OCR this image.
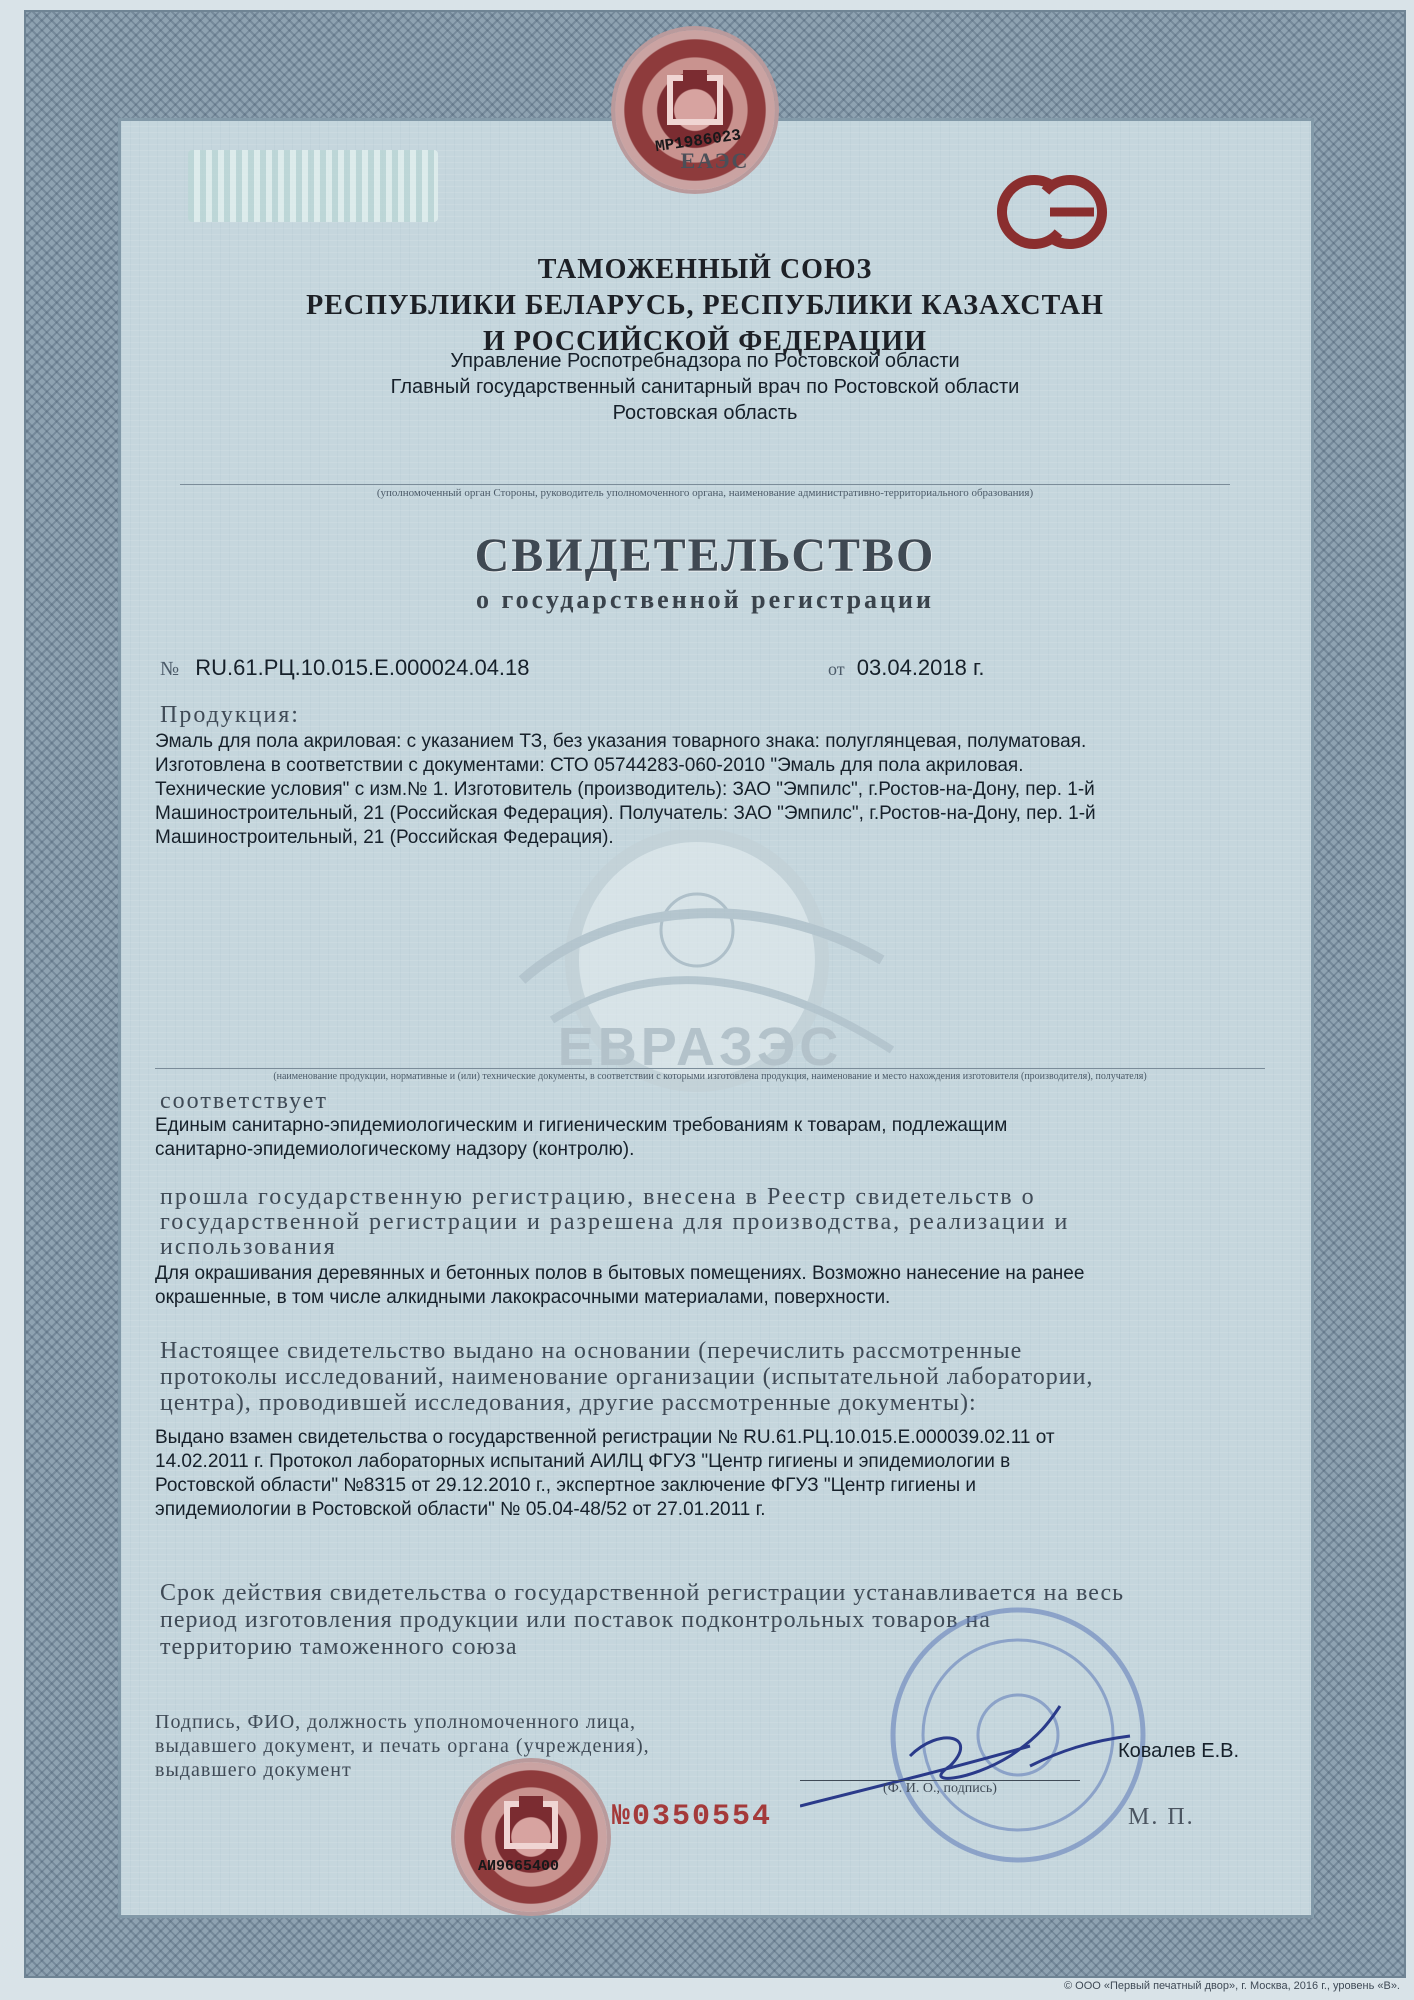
МР1986023
ЕАЭС
ТАМОЖЕННЫЙ СОЮЗ
РЕСПУБЛИКИ БЕЛАРУСЬ, РЕСПУБЛИКИ КАЗАХСТАН
И РОССИЙСКОЙ ФЕДЕРАЦИИ
Управление Роспотребнадзора по Ростовской области
Главный государственный санитарный врач по Ростовской области
Ростовская область
(уполномоченный орган Стороны, руководитель уполномоченного органа, наименование административно-территориального образования)
СВИДЕТЕЛЬСТВО
о государственной регистрации
№ RU.61.РЦ.10.015.Е.000024.04.18	от 03.04.2018 г.
Продукция:
Эмаль для пола акриловая: с указанием ТЗ, без указания товарного знака: полуглянцевая, полуматовая.
Изготовлена в соответствии с документами: СТО 05744283-060-2010 "Эмаль для пола акриловая.
Технические условия" с изм.№ 1. Изготовитель (производитель): ЗАО "Эмпилс", г.Ростов-на-Дону, пер. 1-й
Машиностроительный, 21 (Российская Федерация). Получатель: ЗАО "Эмпилс", г.Ростов-на-Дону, пер. 1-й
Машиностроительный, 21 (Российская Федерация).
ЕВРАЗЭС
(наименование продукции, нормативные и (или) технические документы, в соответствии с которыми изготовлена продукция, наименование и место нахождения изготовителя (производителя), получателя)
соответствует
Единым санитарно-эпидемиологическим и гигиеническим требованиям к товарам, подлежащим
санитарно-эпидемиологическому надзору (контролю).
прошла государственную регистрацию, внесена в Реестр свидетельств о
государственной регистрации и разрешена для производства, реализации и
использования
Для окрашивания деревянных и бетонных полов в бытовых помещениях. Возможно нанесение на ранее
окрашенные, в том числе алкидными лакокрасочными материалами, поверхности.
Настоящее свидетельство выдано на основании (перечислить рассмотренные
протоколы исследований, наименование организации (испытательной лаборатории,
центра), проводившей исследования, другие рассмотренные документы):
Выдано взамен свидетельства о государственной регистрации № RU.61.РЦ.10.015.Е.000039.02.11 от
14.02.2011 г. Протокол лабораторных испытаний АИЛЦ ФГУЗ "Центр гигиены и эпидемиологии в
Ростовской области" №8315 от 29.12.2010 г., экспертное заключение ФГУЗ "Центр гигиены и
эпидемиологии в Ростовской области" № 05.04-48/52 от 27.01.2011 г.
Срок действия свидетельства о государственной регистрации устанавливается на весь
период изготовления продукции или поставок подконтрольных товаров на
территорию таможенного союза
Подпись, ФИО, должность уполномоченного лица,
выдавшего документ, и печать органа (учреждения),
выдавшего документ
Ковалев Е.В.
(Ф. И. О., подпись)
М. П.
АИ9665400
№0350554
© ООО «Первый печатный двор», г. Москва, 2016 г., уровень «В».
